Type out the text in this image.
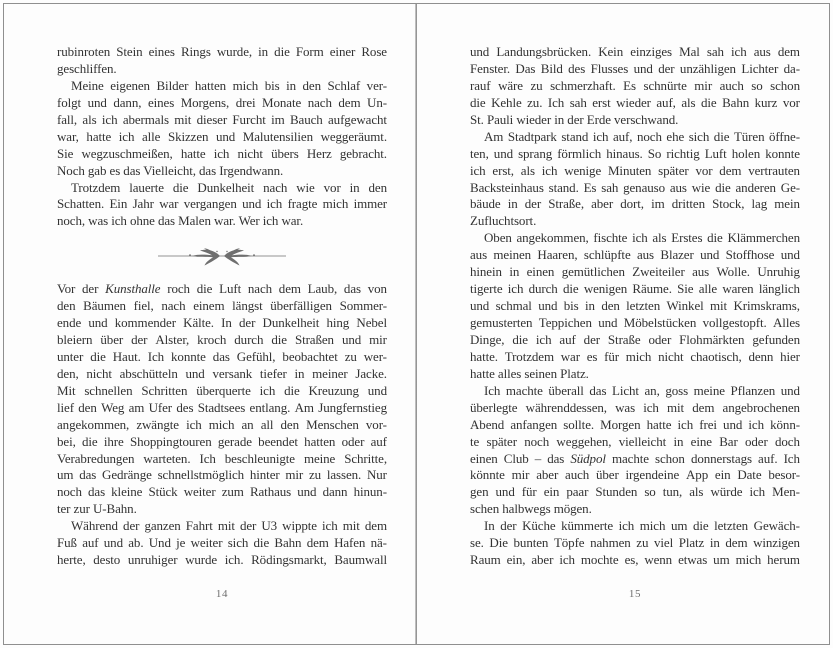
rubinroten Stein eines Rings wurde, in die Form einer Rose
geschliffen.
Meine eigenen Bilder hatten mich bis in den Schlaf ver-
folgt und dann, eines Morgens, drei Monate nach dem Un-
fall, als ich abermals mit dieser Furcht im Bauch aufgewacht
war, hatte ich alle Skizzen und Malutensilien weggeräumt.
Sie wegzuschmeißen, hatte ich nicht übers Herz gebracht.
Noch gab es das Vielleicht, das Irgendwann.
Trotzdem lauerte die Dunkelheit nach wie vor in den
Schatten. Ein Jahr war vergangen und ich fragte mich immer
noch, was ich ohne das Malen war. Wer ich war.
Vor der Kunsthalle roch die Luft nach dem Laub, das von
den Bäumen fiel, nach einem längst überfälligen Sommer-
ende und kommender Kälte. In der Dunkelheit hing Nebel
bleiern über der Alster, kroch durch die Straßen und mir
unter die Haut. Ich konnte das Gefühl, beobachtet zu wer-
den, nicht abschütteln und versank tiefer in meiner Jacke.
Mit schnellen Schritten überquerte ich die Kreuzung und
lief den Weg am Ufer des Stadtsees entlang. Am Jungfernstieg
angekommen, zwängte ich mich an all den Menschen vor-
bei, die ihre Shoppingtouren gerade beendet hatten oder auf
Verabredungen warteten. Ich beschleunigte meine Schritte,
um das Gedränge schnellstmöglich hinter mir zu lassen. Nur
noch das kleine Stück weiter zum Rathaus und dann hinun-
ter zur U-Bahn.
Während der ganzen Fahrt mit der U3 wippte ich mit dem
Fuß auf und ab. Und je weiter sich die Bahn dem Hafen nä-
herte, desto unruhiger wurde ich. Rödingsmarkt, Baumwall
14
und Landungsbrücken. Kein einziges Mal sah ich aus dem
Fenster. Das Bild des Flusses und der unzähligen Lichter da-
rauf wäre zu schmerzhaft. Es schnürte mir auch so schon
die Kehle zu. Ich sah erst wieder auf, als die Bahn kurz vor
St. Pauli wieder in der Erde verschwand.
Am Stadtpark stand ich auf, noch ehe sich die Türen öffne-
ten, und sprang förmlich hinaus. So richtig Luft holen konnte
ich erst, als ich wenige Minuten später vor dem vertrauten
Backsteinhaus stand. Es sah genauso aus wie die anderen Ge-
bäude in der Straße, aber dort, im dritten Stock, lag mein
Zufluchtsort.
Oben angekommen, fischte ich als Erstes die Klämmerchen
aus meinen Haaren, schlüpfte aus Blazer und Stoffhose und
hinein in einen gemütlichen Zweiteiler aus Wolle. Unruhig
tigerte ich durch die wenigen Räume. Sie alle waren länglich
und schmal und bis in den letzten Winkel mit Krimskrams,
gemusterten Teppichen und Möbelstücken vollgestopft. Alles
Dinge, die ich auf der Straße oder Flohmärkten gefunden
hatte. Trotzdem war es für mich nicht chaotisch, denn hier
hatte alles seinen Platz.
Ich machte überall das Licht an, goss meine Pflanzen und
überlegte währenddessen, was ich mit dem angebrochenen
Abend anfangen sollte. Morgen hatte ich frei und ich könn-
te später noch weggehen, vielleicht in eine Bar oder doch
einen Club – das Südpol machte schon donnerstags auf. Ich
könnte mir aber auch über irgendeine App ein Date besor-
gen und für ein paar Stunden so tun, als würde ich Men-
schen halbwegs mögen.
In der Küche kümmerte ich mich um die letzten Gewäch-
se. Die bunten Töpfe nahmen zu viel Platz in dem winzigen
Raum ein, aber ich mochte es, wenn etwas um mich herum
15
